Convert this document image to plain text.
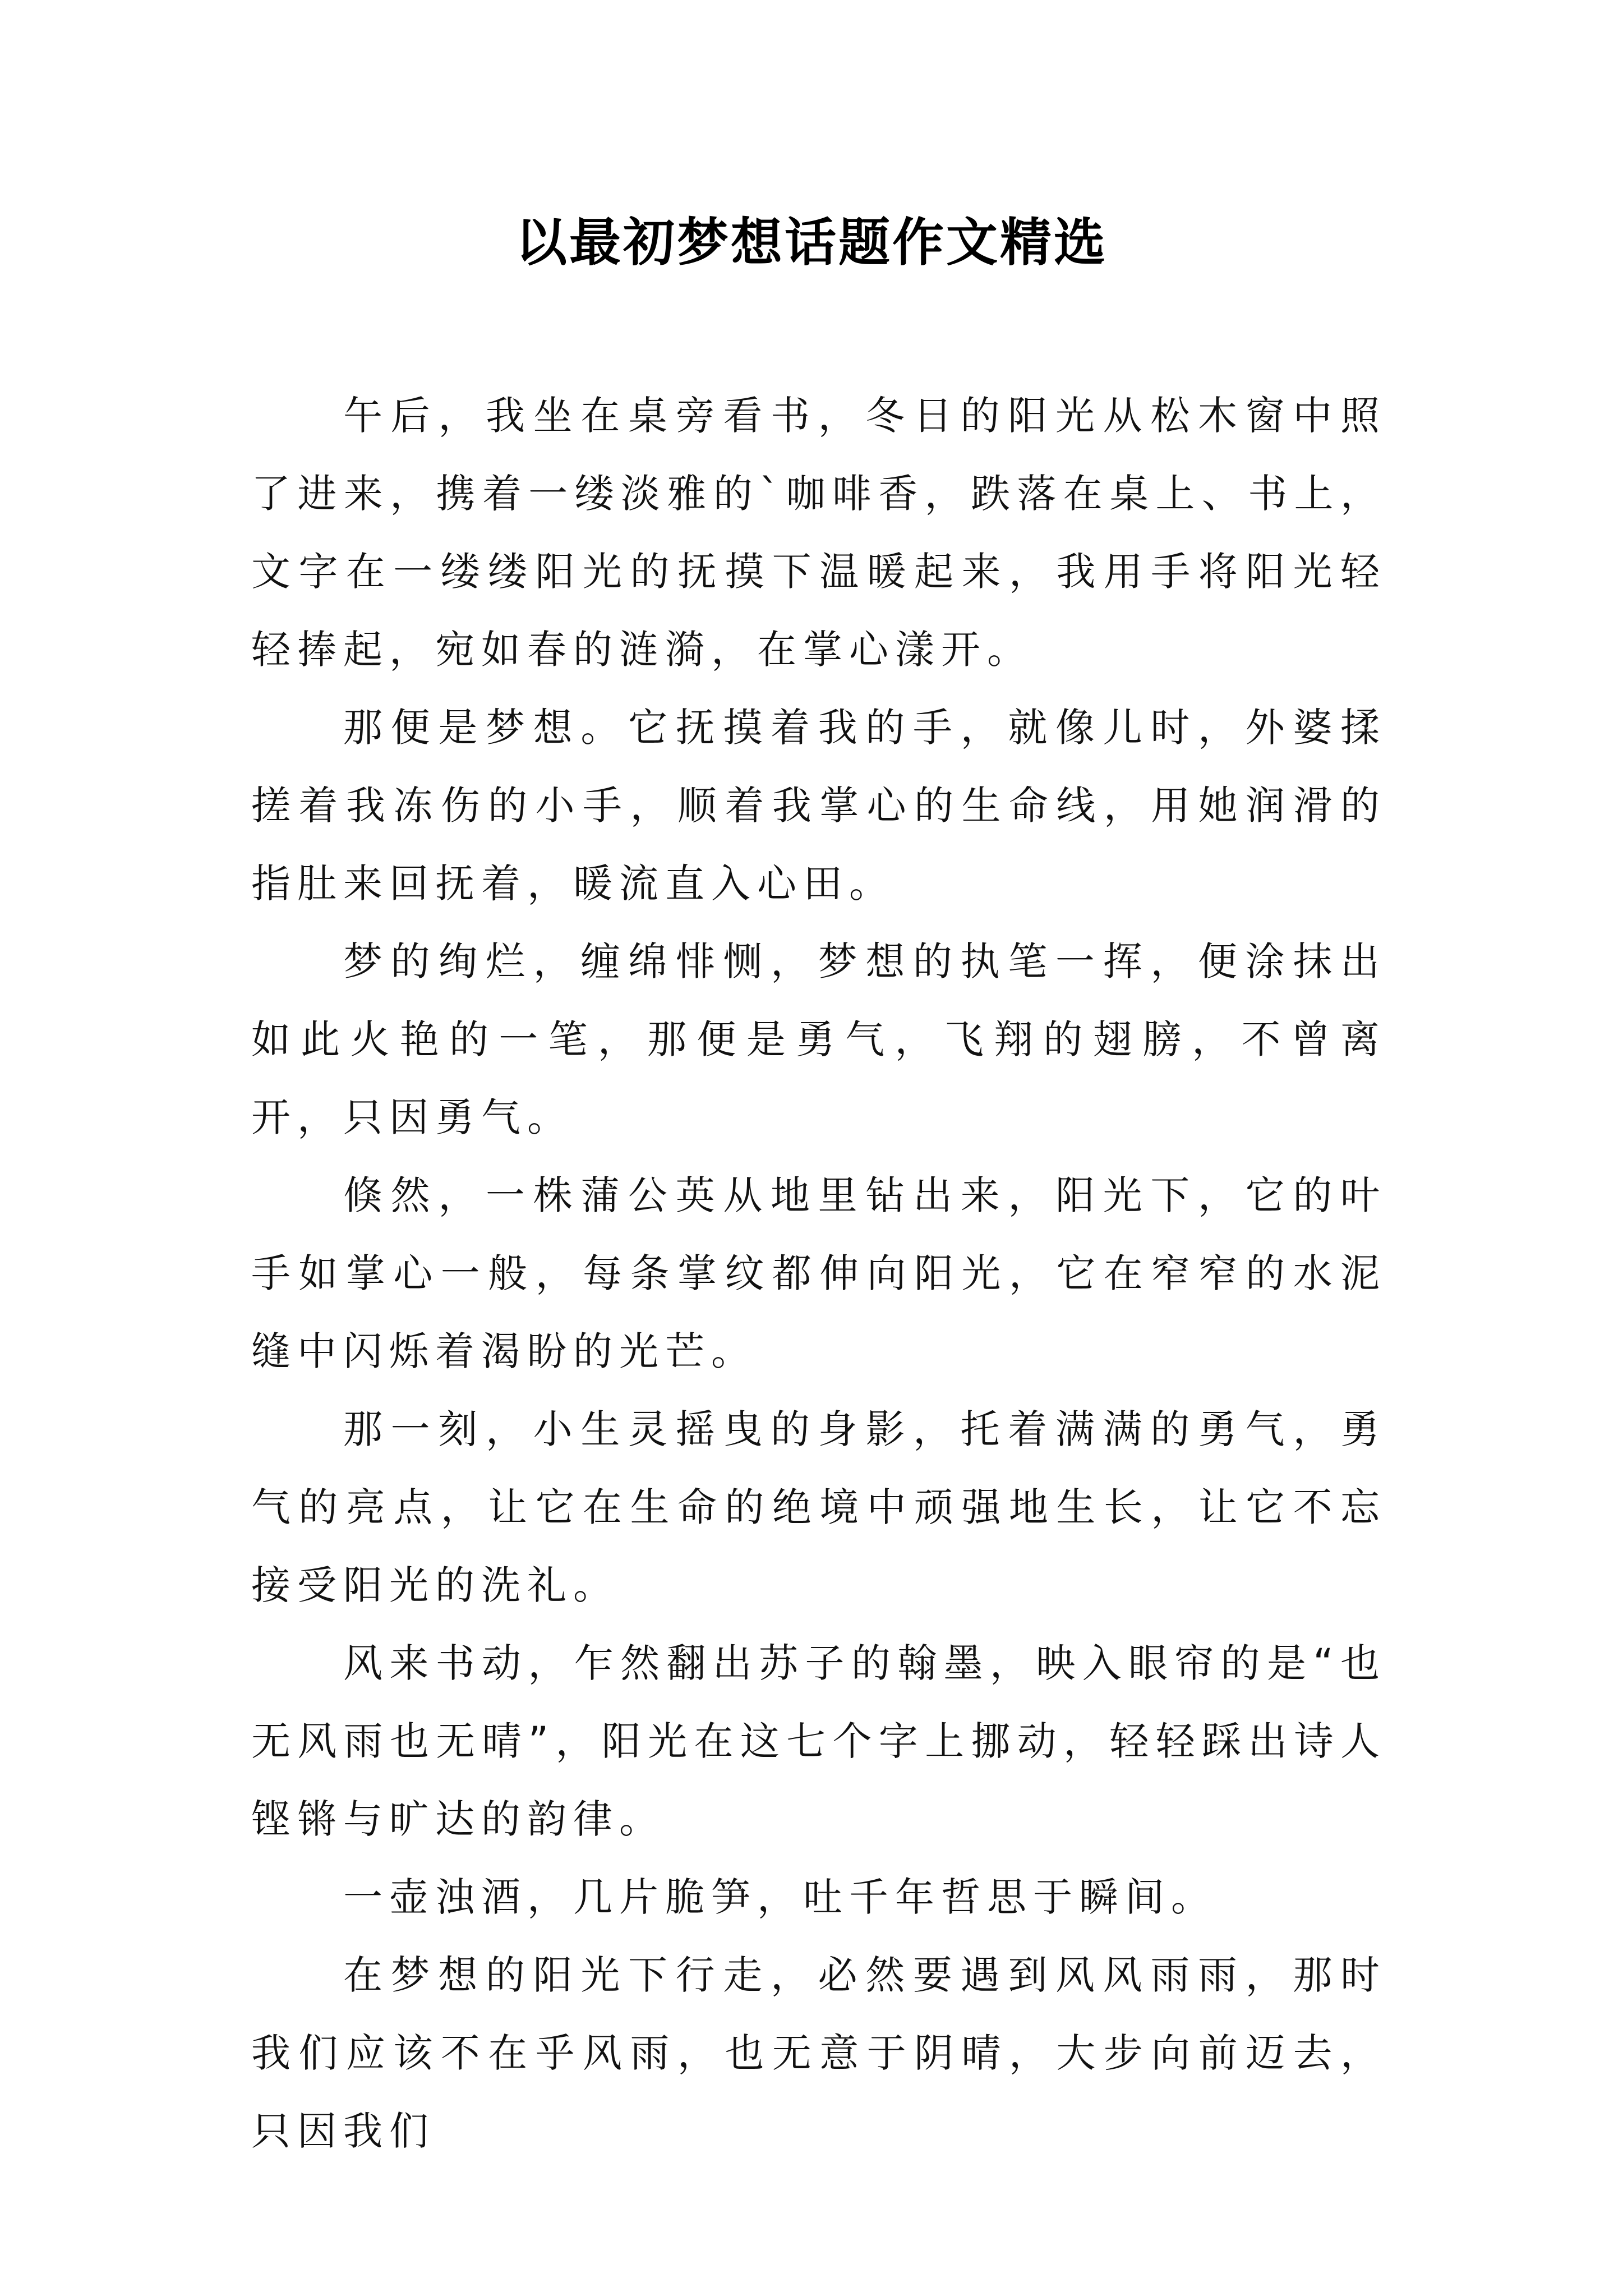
以最初梦想话题作文精选

午后，我坐在桌旁看书，冬日的阳光从松木窗中照了进来，携着一缕淡雅的`咖啡香，跌落在桌上、书上，文字在一缕缕阳光的抚摸下温暖起来，我用手将阳光轻轻捧起，宛如春的涟漪，在掌心漾开。

那便是梦想。它抚摸着我的手，就像儿时，外婆揉搓着我冻伤的小手，顺着我掌心的生命线，用她润滑的指肚来回抚着，暖流直入心田。

梦的绚烂，缠绵悱恻，梦想的执笔一挥，便涂抹出如此火艳的一笔，那便是勇气，飞翔的翅膀，不曾离开，只因勇气。

倏然，一株蒲公英从地里钻出来，阳光下，它的叶手如掌心一般，每条掌纹都伸向阳光，它在窄窄的水泥缝中闪烁着渴盼的光芒。

那一刻，小生灵摇曳的身影，托着满满的勇气，勇气的亮点，让它在生命的绝境中顽强地生长，让它不忘接受阳光的洗礼。

风来书动，乍然翻出苏子的翰墨，映入眼帘的是“也无风雨也无晴”，阳光在这七个字上挪动，轻轻踩出诗人铿锵与旷达的韵律。

一壶浊酒，几片脆笋，吐千年哲思于瞬间。

在梦想的阳光下行走，必然要遇到风风雨雨，那时我们应该不在乎风雨，也无意于阴晴，大步向前迈去，只因我们
